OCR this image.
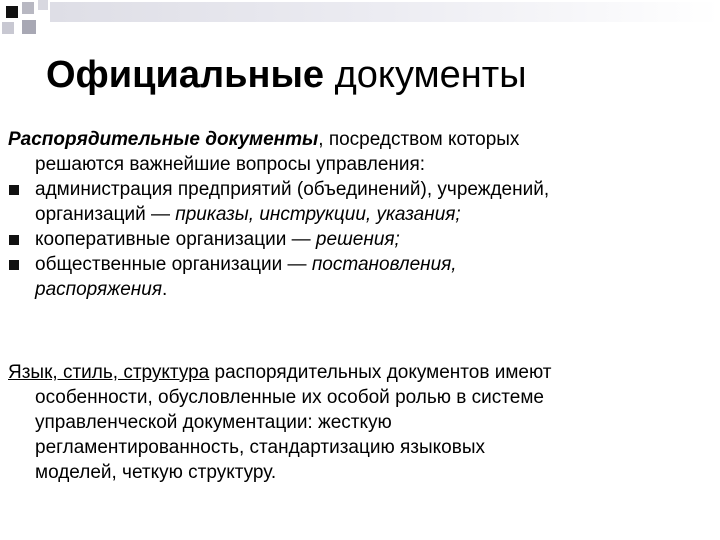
Официальные документы
Распорядительные документы, посредством которых
решаются важнейшие вопросы управления:
администрация предприятий (объединений), учреждений,
организаций — приказы, инструкции, указания;
кооперативные организации — решения;
общественные организации — постановления,
распоряжения.
Язык, стиль, структура распорядительных документов имеют
особенности, обусловленные их особой ролью в системе
управленческой документации: жесткую
регламентированность, стандартизацию языковых
моделей, четкую структуру.
